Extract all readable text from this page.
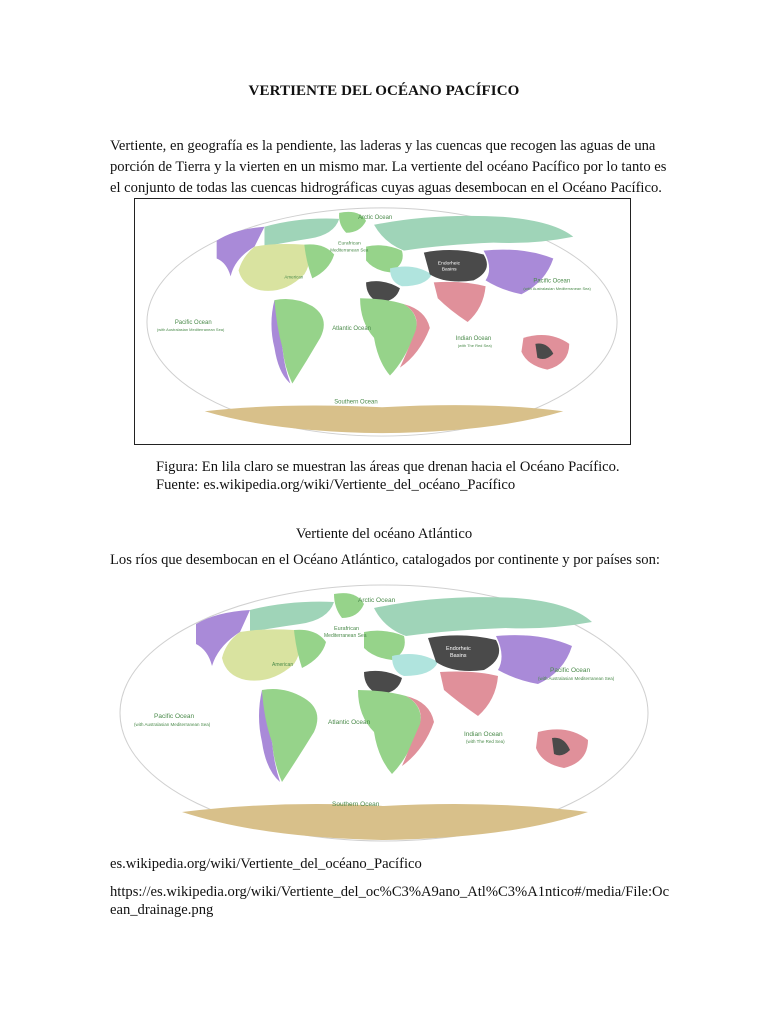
VERTIENTE DEL OCÉANO PACÍFICO
Vertiente, en geografía es la pendiente, las laderas y las cuencas que recogen las aguas de una
porción de Tierra y la vierten en un mismo mar. La vertiente del océano Pacífico por lo tanto es
el conjunto de todas las cuencas hidrográficas cuyas aguas desembocan en el Océano Pacífico.
Arctic Ocean
Eurafrican
Mediterranean Sea
American
Pacific Ocean
(with Australasian Mediterranean Sea)
Pacific Ocean
(with Australasian Mediterranean Sea)	Atlantic Ocean
Indian Ocean
(with The Red Sea)
Southern Ocean
Endorheic
Basins
Figura: En lila claro se muestran las áreas que drenan hacia el Océano Pacífico.
Fuente: es.wikipedia.org/wiki/Vertiente_del_océano_Pacífico
Vertiente del océano Atlántico
Los ríos que desembocan en el Océano Atlántico, catalogados por continente y por países son:
Arctic Ocean
Eurafrican
Mediterranean Sea
American
Pacific Ocean
(with Australasian Mediterranean Sea)
Pacific Ocean
(with Australasian Mediterranean Sea)	Atlantic Ocean
Indian Ocean
(with The Red Sea)
Southern Ocean
Endorheic
Basins
es.wikipedia.org/wiki/Vertiente_del_océano_Pacífico
https://es.wikipedia.org/wiki/Vertiente_del_oc%C3%A9ano_Atl%C3%A1ntico#/media/File:Oc
ean_drainage.png
